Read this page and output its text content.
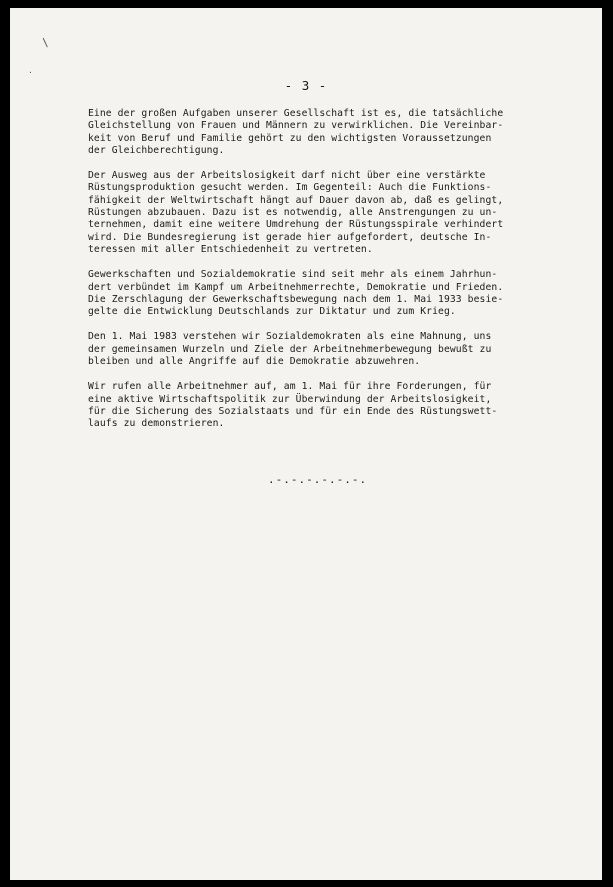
/
·
- 3 -

Eine der großen Aufgaben unserer Gesellschaft ist es, die tatsächliche
Gleichstellung von Frauen und Männern zu verwirklichen. Die Vereinbar-
keit von Beruf und Familie gehört zu den wichtigsten Voraussetzungen
der Gleichberechtigung.

Der Ausweg aus der Arbeitslosigkeit darf nicht über eine verstärkte
Rüstungsproduktion gesucht werden. Im Gegenteil: Auch die Funktions-
fähigkeit der Weltwirtschaft hängt auf Dauer davon ab, daß es gelingt,
Rüstungen abzubauen. Dazu ist es notwendig, alle Anstrengungen zu un-
ternehmen, damit eine weitere Umdrehung der Rüstungsspirale verhindert
wird. Die Bundesregierung ist gerade hier aufgefordert, deutsche In-
teressen mit aller Entschiedenheit zu vertreten.

Gewerkschaften und Sozialdemokratie sind seit mehr als einem Jahrhun-
dert verbündet im Kampf um Arbeitnehmerrechte, Demokratie und Frieden.
Die Zerschlagung der Gewerkschaftsbewegung nach dem 1. Mai 1933 besie-
gelte die Entwicklung Deutschlands zur Diktatur und zum Krieg.

Den 1. Mai 1983 verstehen wir Sozialdemokraten als eine Mahnung, uns
der gemeinsamen Wurzeln und Ziele der Arbeitnehmerbewegung bewußt zu
bleiben und alle Angriffe auf die Demokratie abzuwehren.

Wir rufen alle Arbeitnehmer auf, am 1. Mai für ihre Forderungen, für
eine aktive Wirtschaftspolitik zur Überwindung der Arbeitslosigkeit,
für die Sicherung des Sozialstaats und für ein Ende des Rüstungswett-
laufs zu demonstrieren.

.-.-.-.-.-.-.
